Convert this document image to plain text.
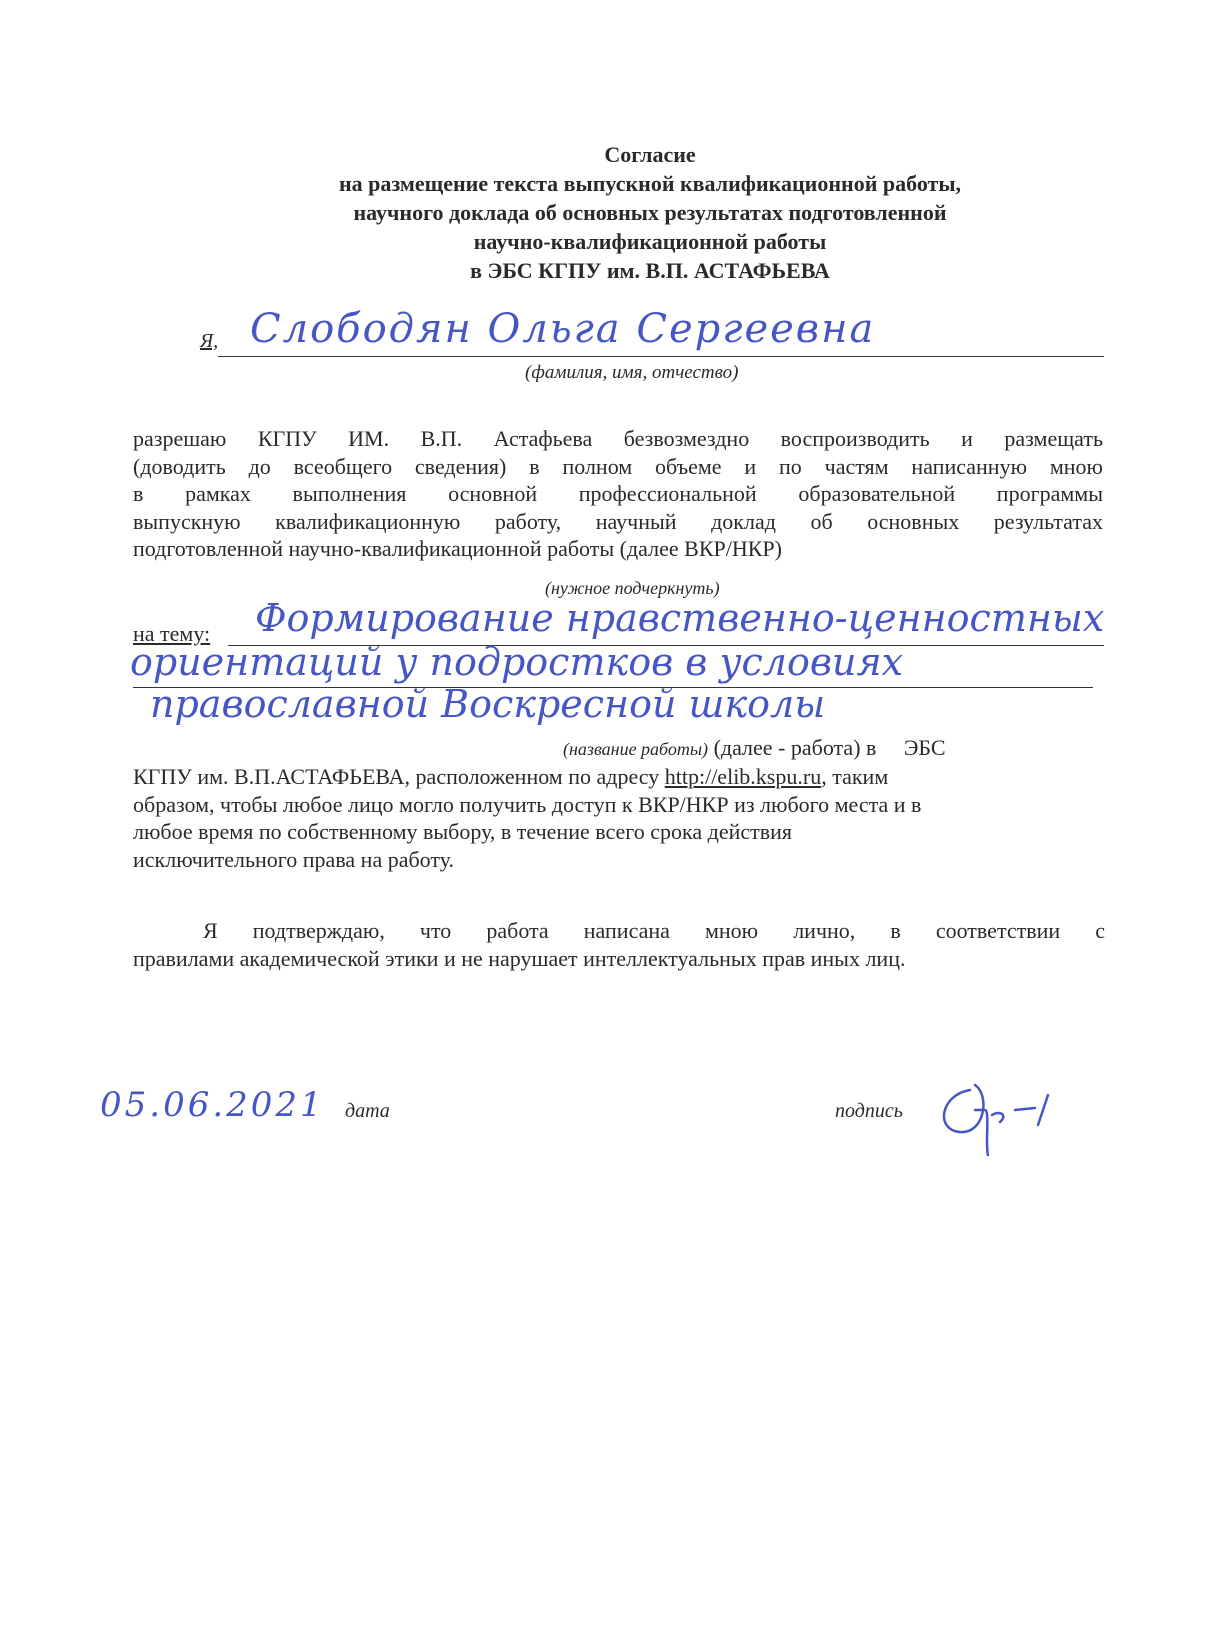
Согласие
на размещение текста выпускной квалификационной работы,
научного доклада об основных результатах подготовленной
научно-квалификационной работы
в ЭБС КГПУ им. В.П. АСТАФЬЕВА
Я, Слободян Ольга Сергеевна
(фамилия, имя, отчество)
разрешаю КГПУ ИМ. В.П. Астафьева безвозмездно воспроизводить и размещать
(доводить до всеобщего сведения) в полном объеме и по частям написанную мною
в рамках выполнения основной профессиональной образовательной программы
выпускную квалификационную работу, научный доклад об основных результатах
подготовленной научно-квалификационной работы (далее ВКР/НКР)
(нужное подчеркнуть)
на тему: Формирование нравственно-ценностных
ориентаций у подростков в условиях
православной Воскресной школы
(название работы) (далее - работа) в     ЭБС
КГПУ им. В.П.АСТАФЬЕВА, расположенном по адресу http://elib.kspu.ru, таким
образом, чтобы любое лицо могло получить доступ к ВКР/НКР из любого места и в
любое время по собственному выбору, в течение всего срока действия
исключительного права на работу.
Я подтверждаю, что работа написана мною лично, в соответствии с
правилами академической этики и не нарушает интеллектуальных прав иных лиц.
05.06.2021 дата	подпись
